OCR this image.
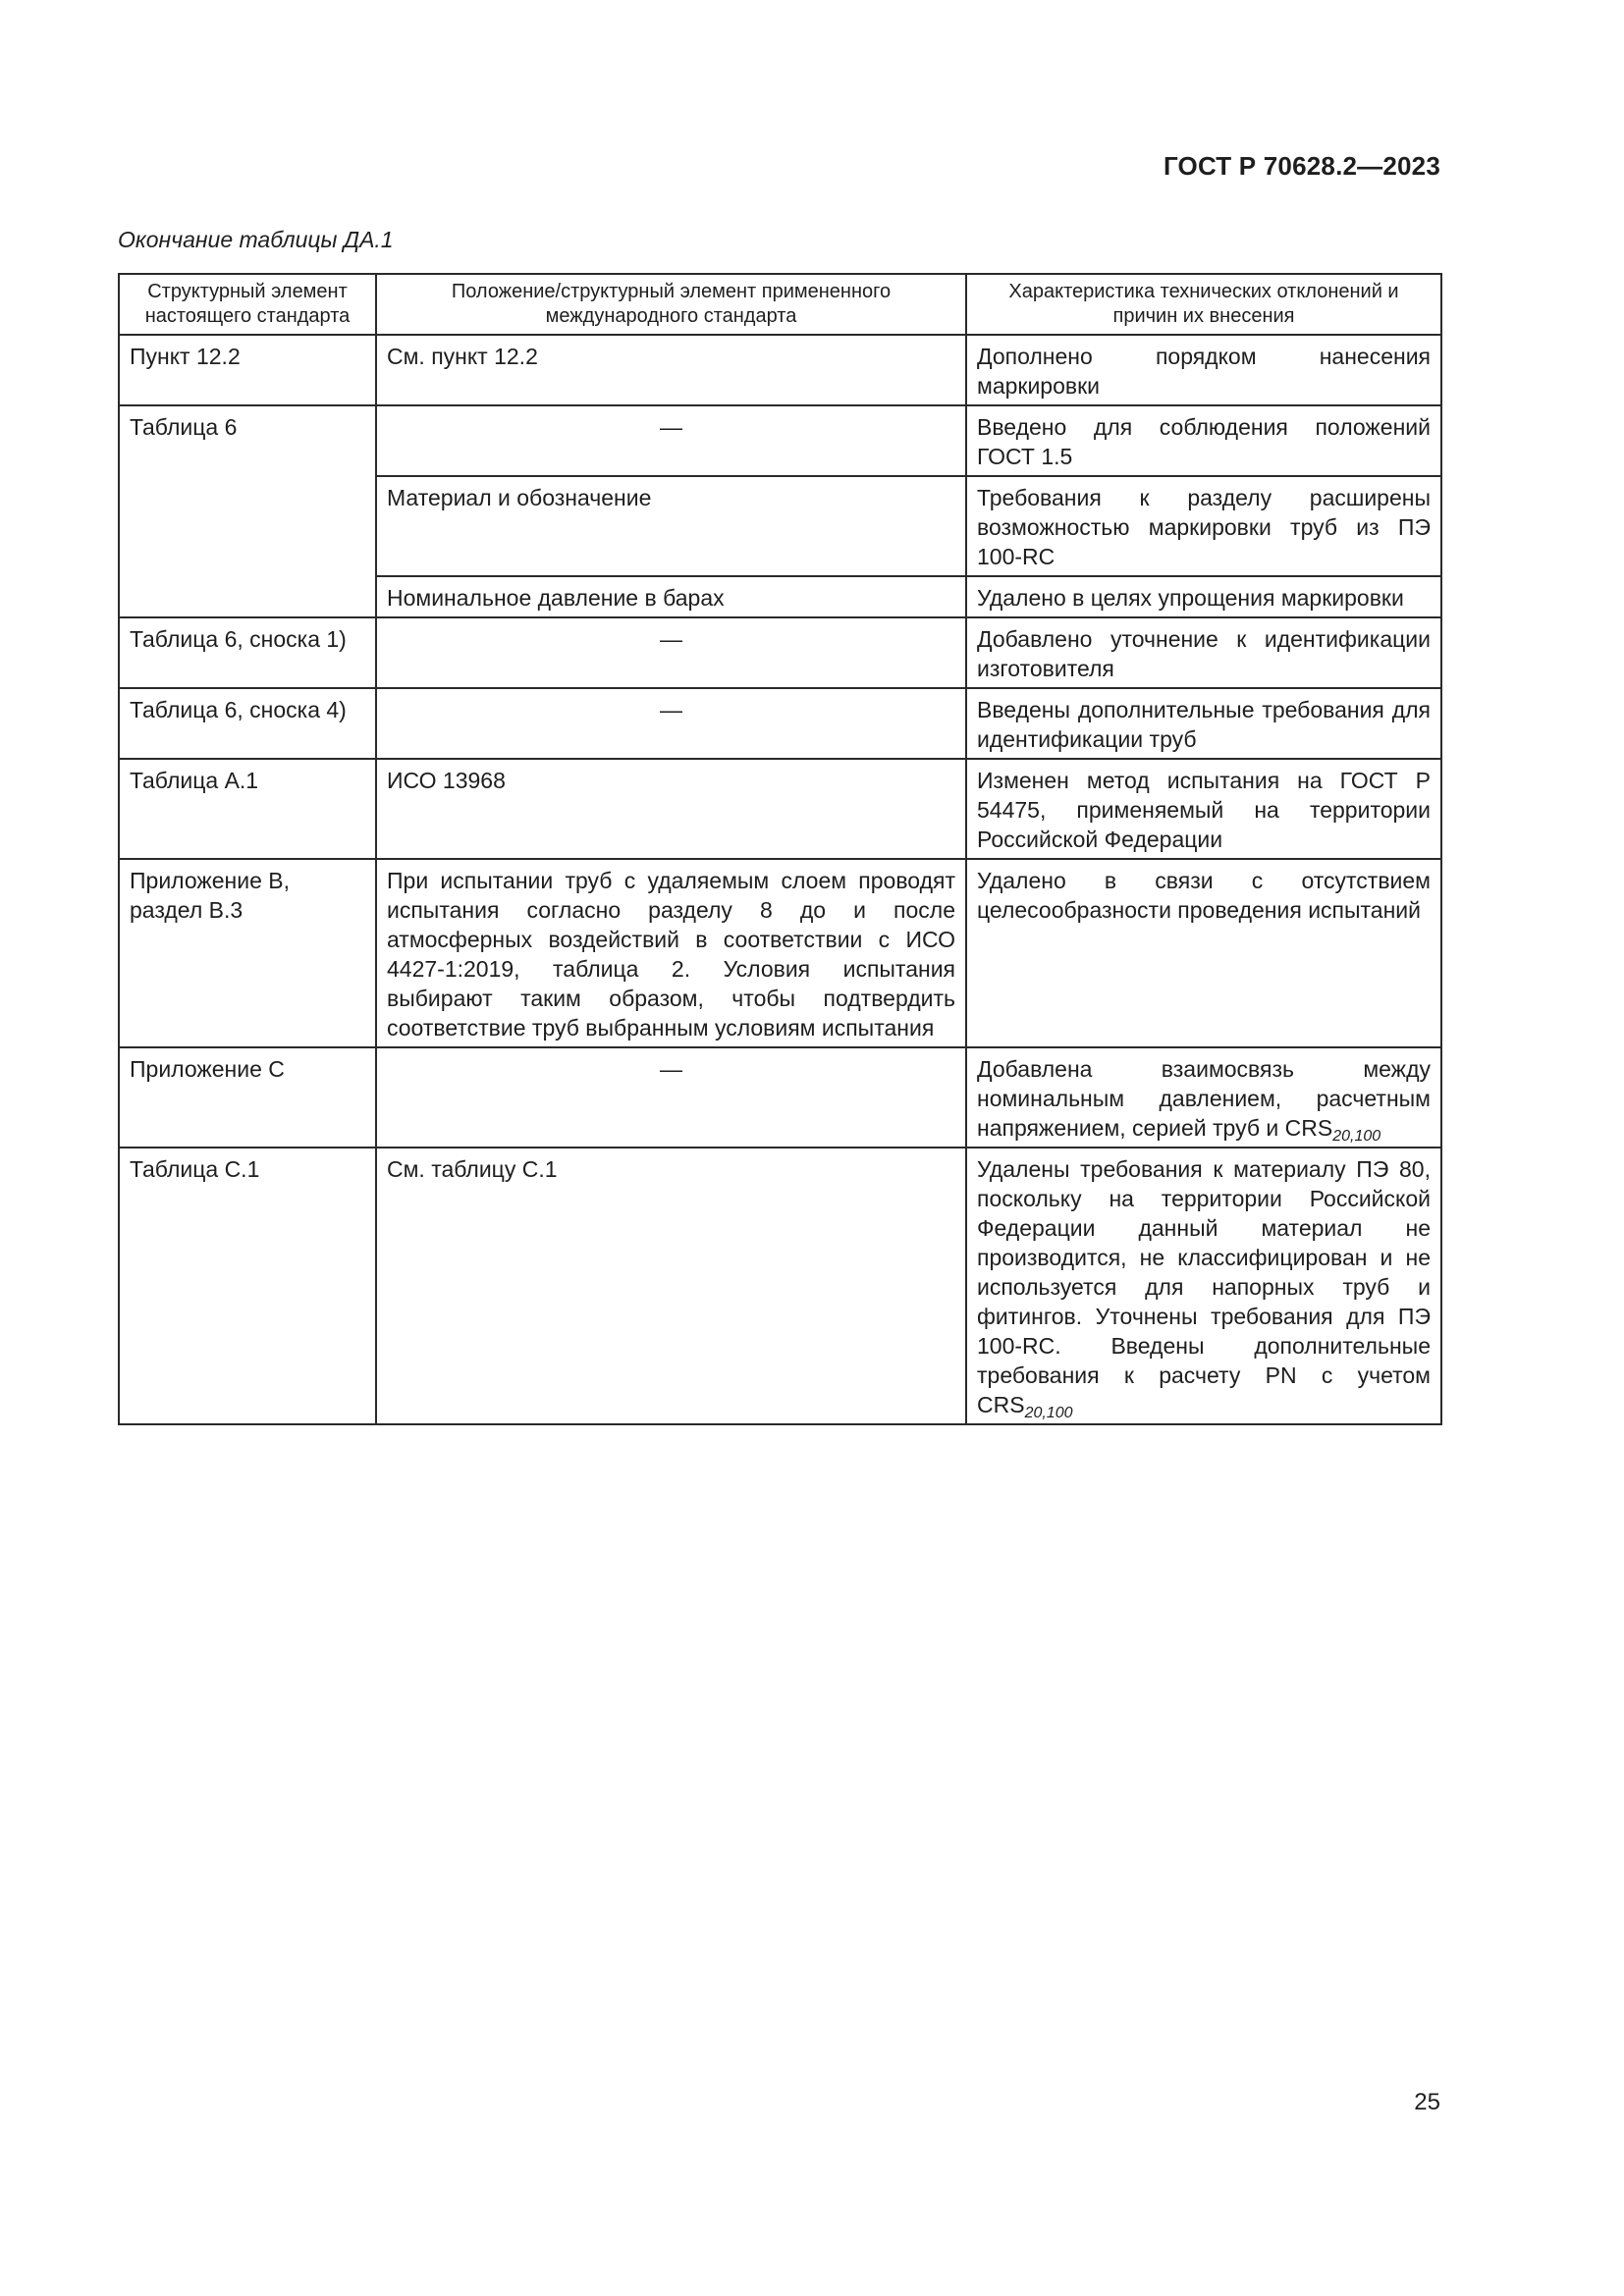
ГОСТ Р 70628.2—2023
Окончание таблицы ДА.1
Структурный элемент настоящего стандарта	Положение/структурный элемент примененного международного стандарта	Характеристика технических отклонений и причин их внесения
Пункт 12.2	См. пункт 12.2	Дополнено порядком нанесения маркировки
Таблица 6	—	Введено для соблюдения положений ГОСТ 1.5
	Материал и обозначение	Требования к разделу расширены возможностью маркировки труб из ПЭ 100-RC
	Номинальное давление в барах	Удалено в целях упрощения маркировки
Таблица 6, сноска 1)	—	Добавлено уточнение к идентификации изготовителя
Таблица 6, сноска 4)	—	Введены дополнительные требования для идентификации труб
Таблица А.1	ИСО 13968	Изменен метод испытания на ГОСТ Р 54475, применяемый на территории Российской Федерации
Приложение В, раздел В.3	При испытании труб с удаляемым слоем проводят испытания согласно разделу 8 до и после атмосферных воздействий в соответствии с ИСО 4427-1:2019, таблица 2. Условия испытания выбирают таким образом, чтобы подтвердить соответствие труб выбранным условиям испытания	Удалено в связи с отсутствием целесообразности проведения испытаний
Приложение С	—	Добавлена взаимосвязь между номинальным давлением, расчетным напряжением, серией труб и $CRS_{20,100}$
Таблица С.1	См. таблицу С.1	Удалены требования к материалу ПЭ 80, поскольку на территории Российской Федерации данный материал не производится, не классифицирован и не используется для напорных труб и фитингов. Уточнены требования для ПЭ 100-RC. Введены дополнительные требования к расчету PN с учетом $CRS_{20,100}$
25
